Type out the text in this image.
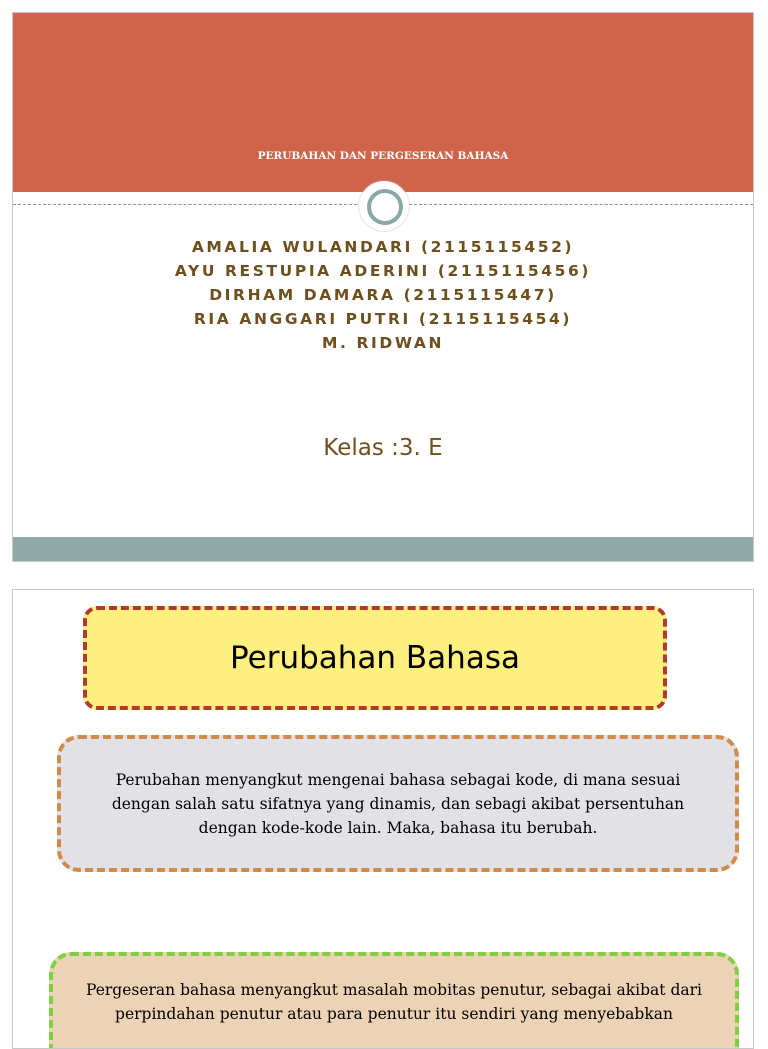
PERUBAHAN DAN PERGESERAN BAHASA
AMALIA WULANDARI (2115115452)
AYU RESTUPIA ADERINI (2115115456)
DIRHAM DAMARA (2115115447)
RIA ANGGARI PUTRI (2115115454)
M. RIDWAN
Kelas :3. E
Perubahan Bahasa
Perubahan menyangkut mengenai bahasa sebagai kode, di mana sesuai dengan salah satu sifatnya yang dinamis, dan sebagi akibat persentuhan dengan kode-kode lain. Maka, bahasa itu berubah.
Pergeseran bahasa menyangkut masalah mobitas penutur, sebagai akibat dari perpindahan penutur atau para penutur itu sendiri yang menyebabkan
